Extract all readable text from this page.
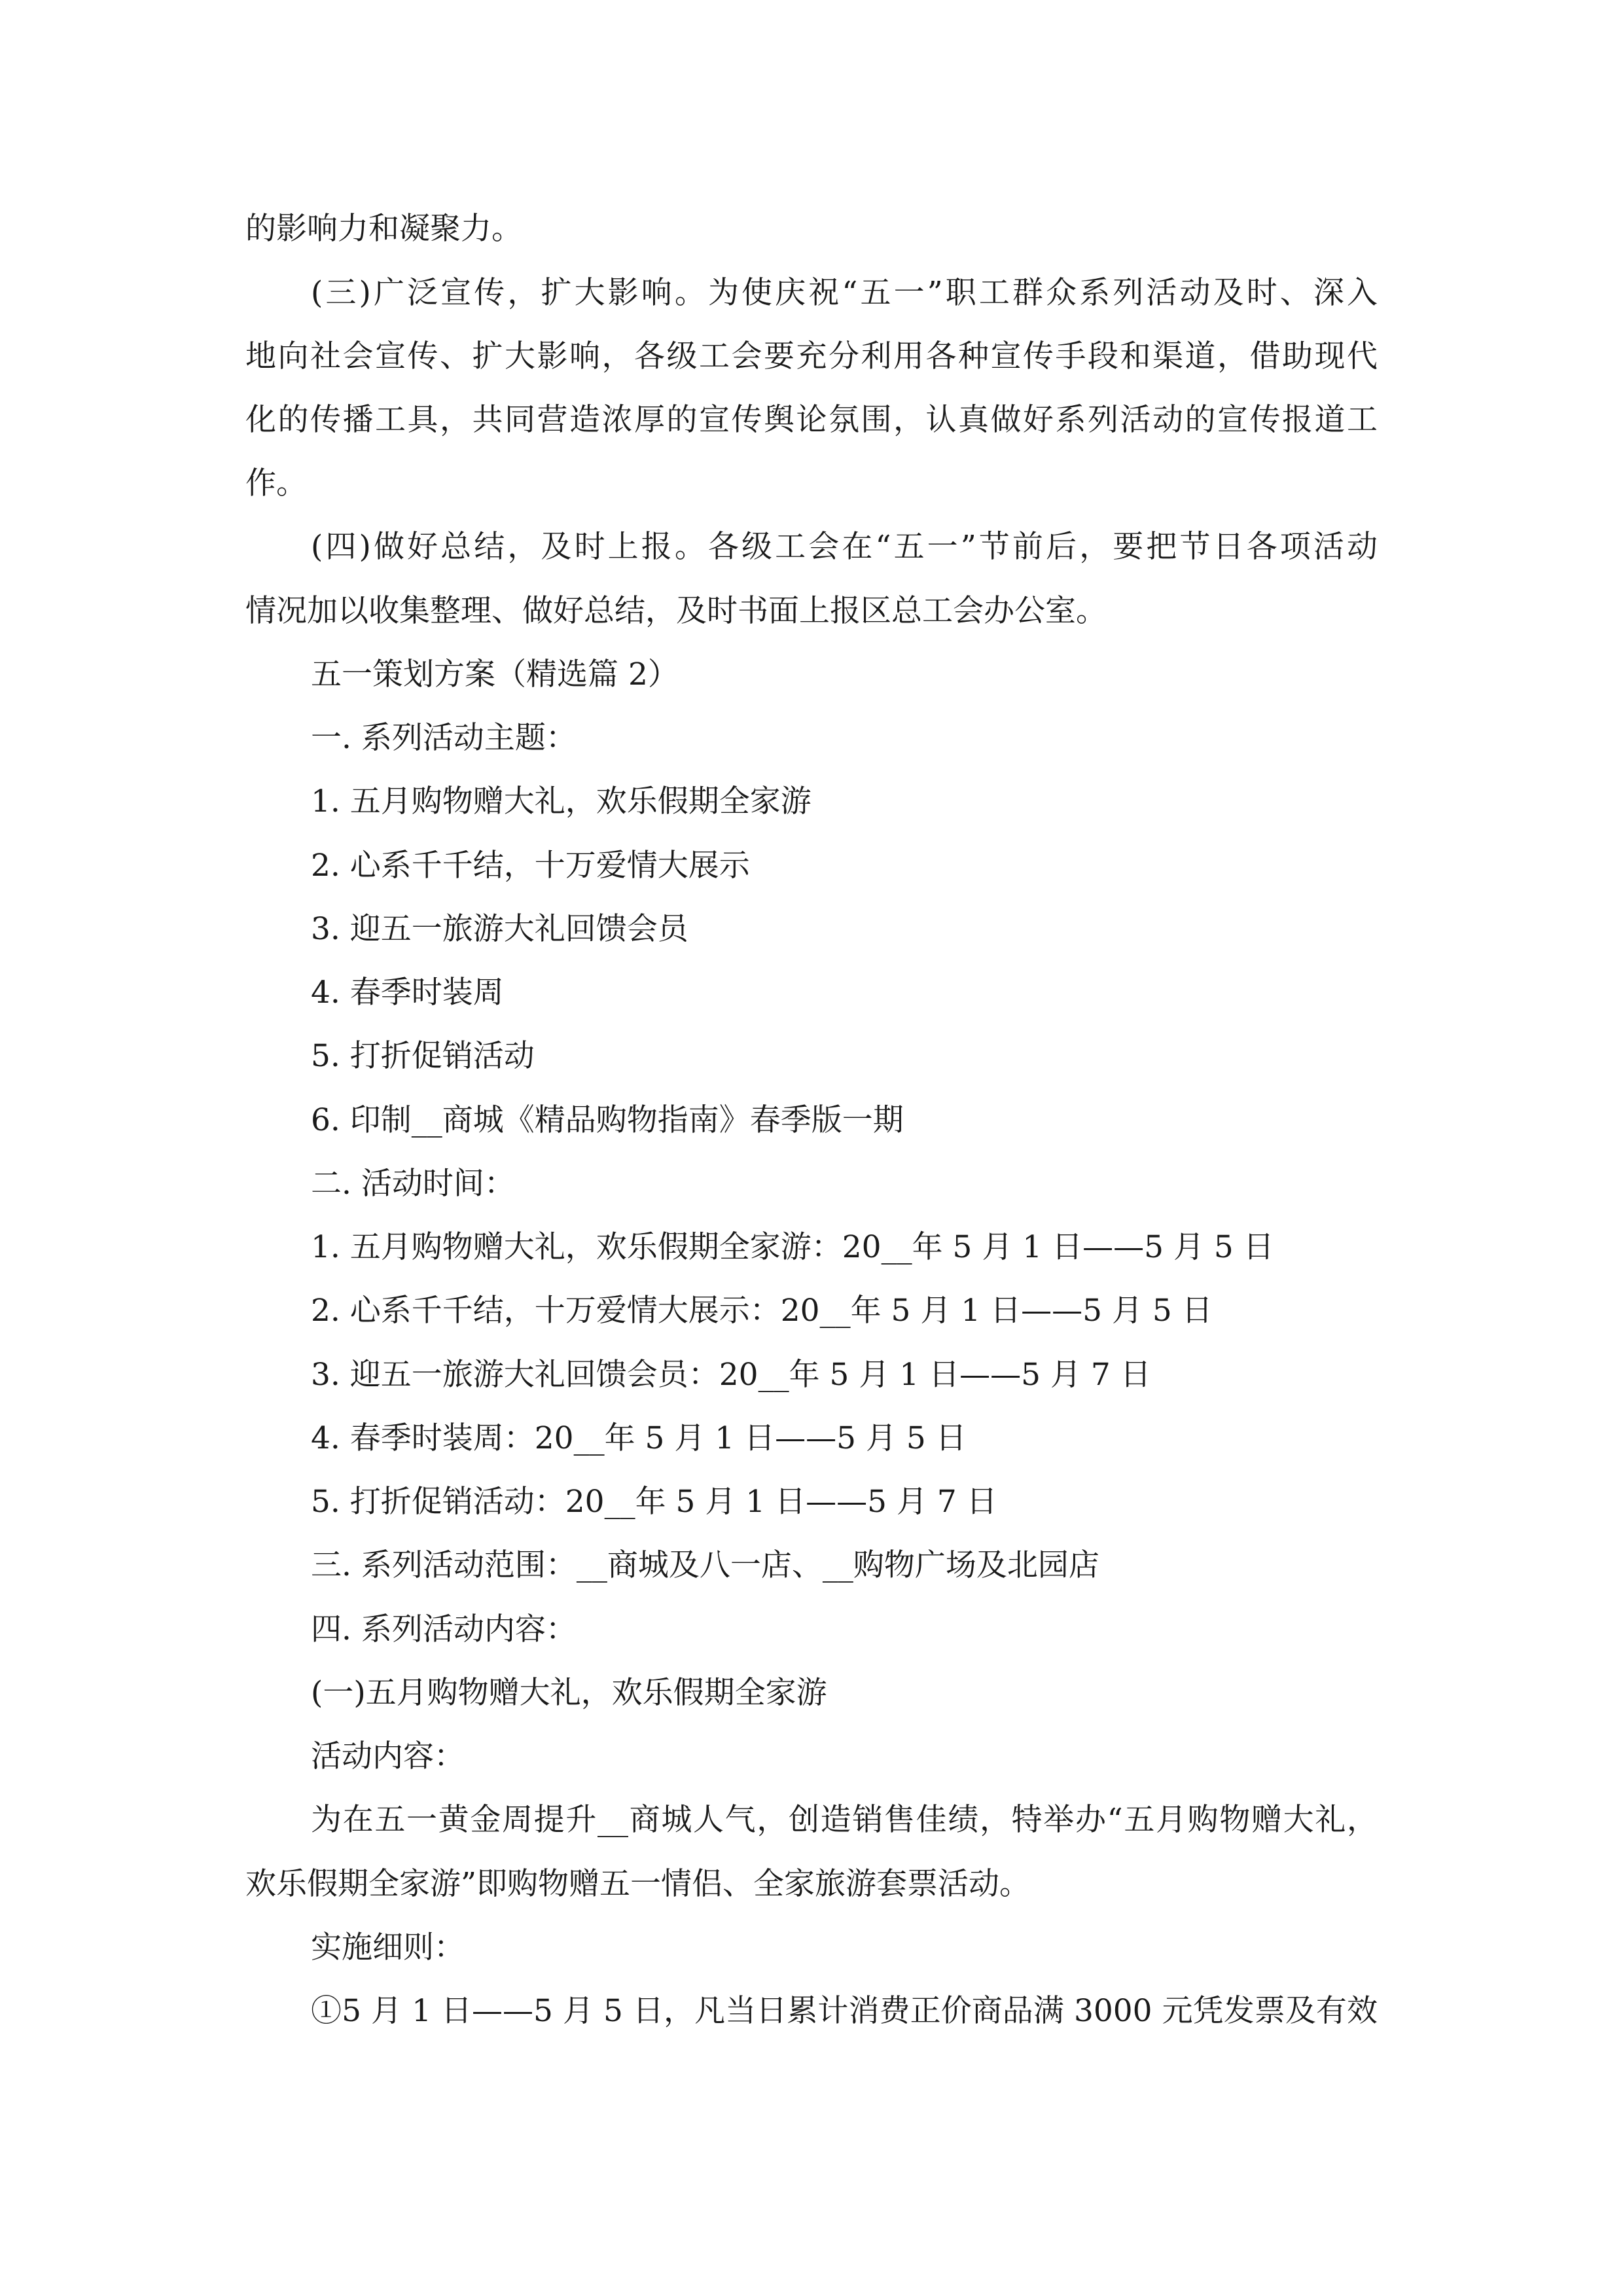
的影响力和凝聚力。
(三)广泛宣传，扩大影响。为使庆祝“五一”职工群众系列活动及时、深入
地向社会宣传、扩大影响，各级工会要充分利用各种宣传手段和渠道，借助现代
化的传播工具，共同营造浓厚的宣传舆论氛围，认真做好系列活动的宣传报道工
作。
(四)做好总结，及时上报。各级工会在“五一”节前后，要把节日各项活动
情况加以收集整理、做好总结，及时书面上报区总工会办公室。
五一策划方案（精选篇 2）
一. 系列活动主题：
1. 五月购物赠大礼，欢乐假期全家游
2. 心系千千结，十万爱情大展示
3. 迎五一旅游大礼回馈会员
4. 春季时装周
5. 打折促销活动
6. 印制__商城《精品购物指南》春季版一期
二. 活动时间：
1. 五月购物赠大礼，欢乐假期全家游：20__年 5 月 1 日——5 月 5 日
2. 心系千千结，十万爱情大展示：20__年 5 月 1 日——5 月 5 日
3. 迎五一旅游大礼回馈会员：20__年 5 月 1 日——5 月 7 日
4. 春季时装周：20__年 5 月 1 日——5 月 5 日
5. 打折促销活动：20__年 5 月 1 日——5 月 7 日
三. 系列活动范围：__商城及八一店、__购物广场及北园店
四. 系列活动内容：
(一)五月购物赠大礼，欢乐假期全家游
活动内容：
为在五一黄金周提升__商城人气，创造销售佳绩，特举办“五月购物赠大礼，
欢乐假期全家游”即购物赠五一情侣、全家旅游套票活动。
实施细则：
①5 月 1 日——5 月 5 日，凡当日累计消费正价商品满 3000 元凭发票及有效
